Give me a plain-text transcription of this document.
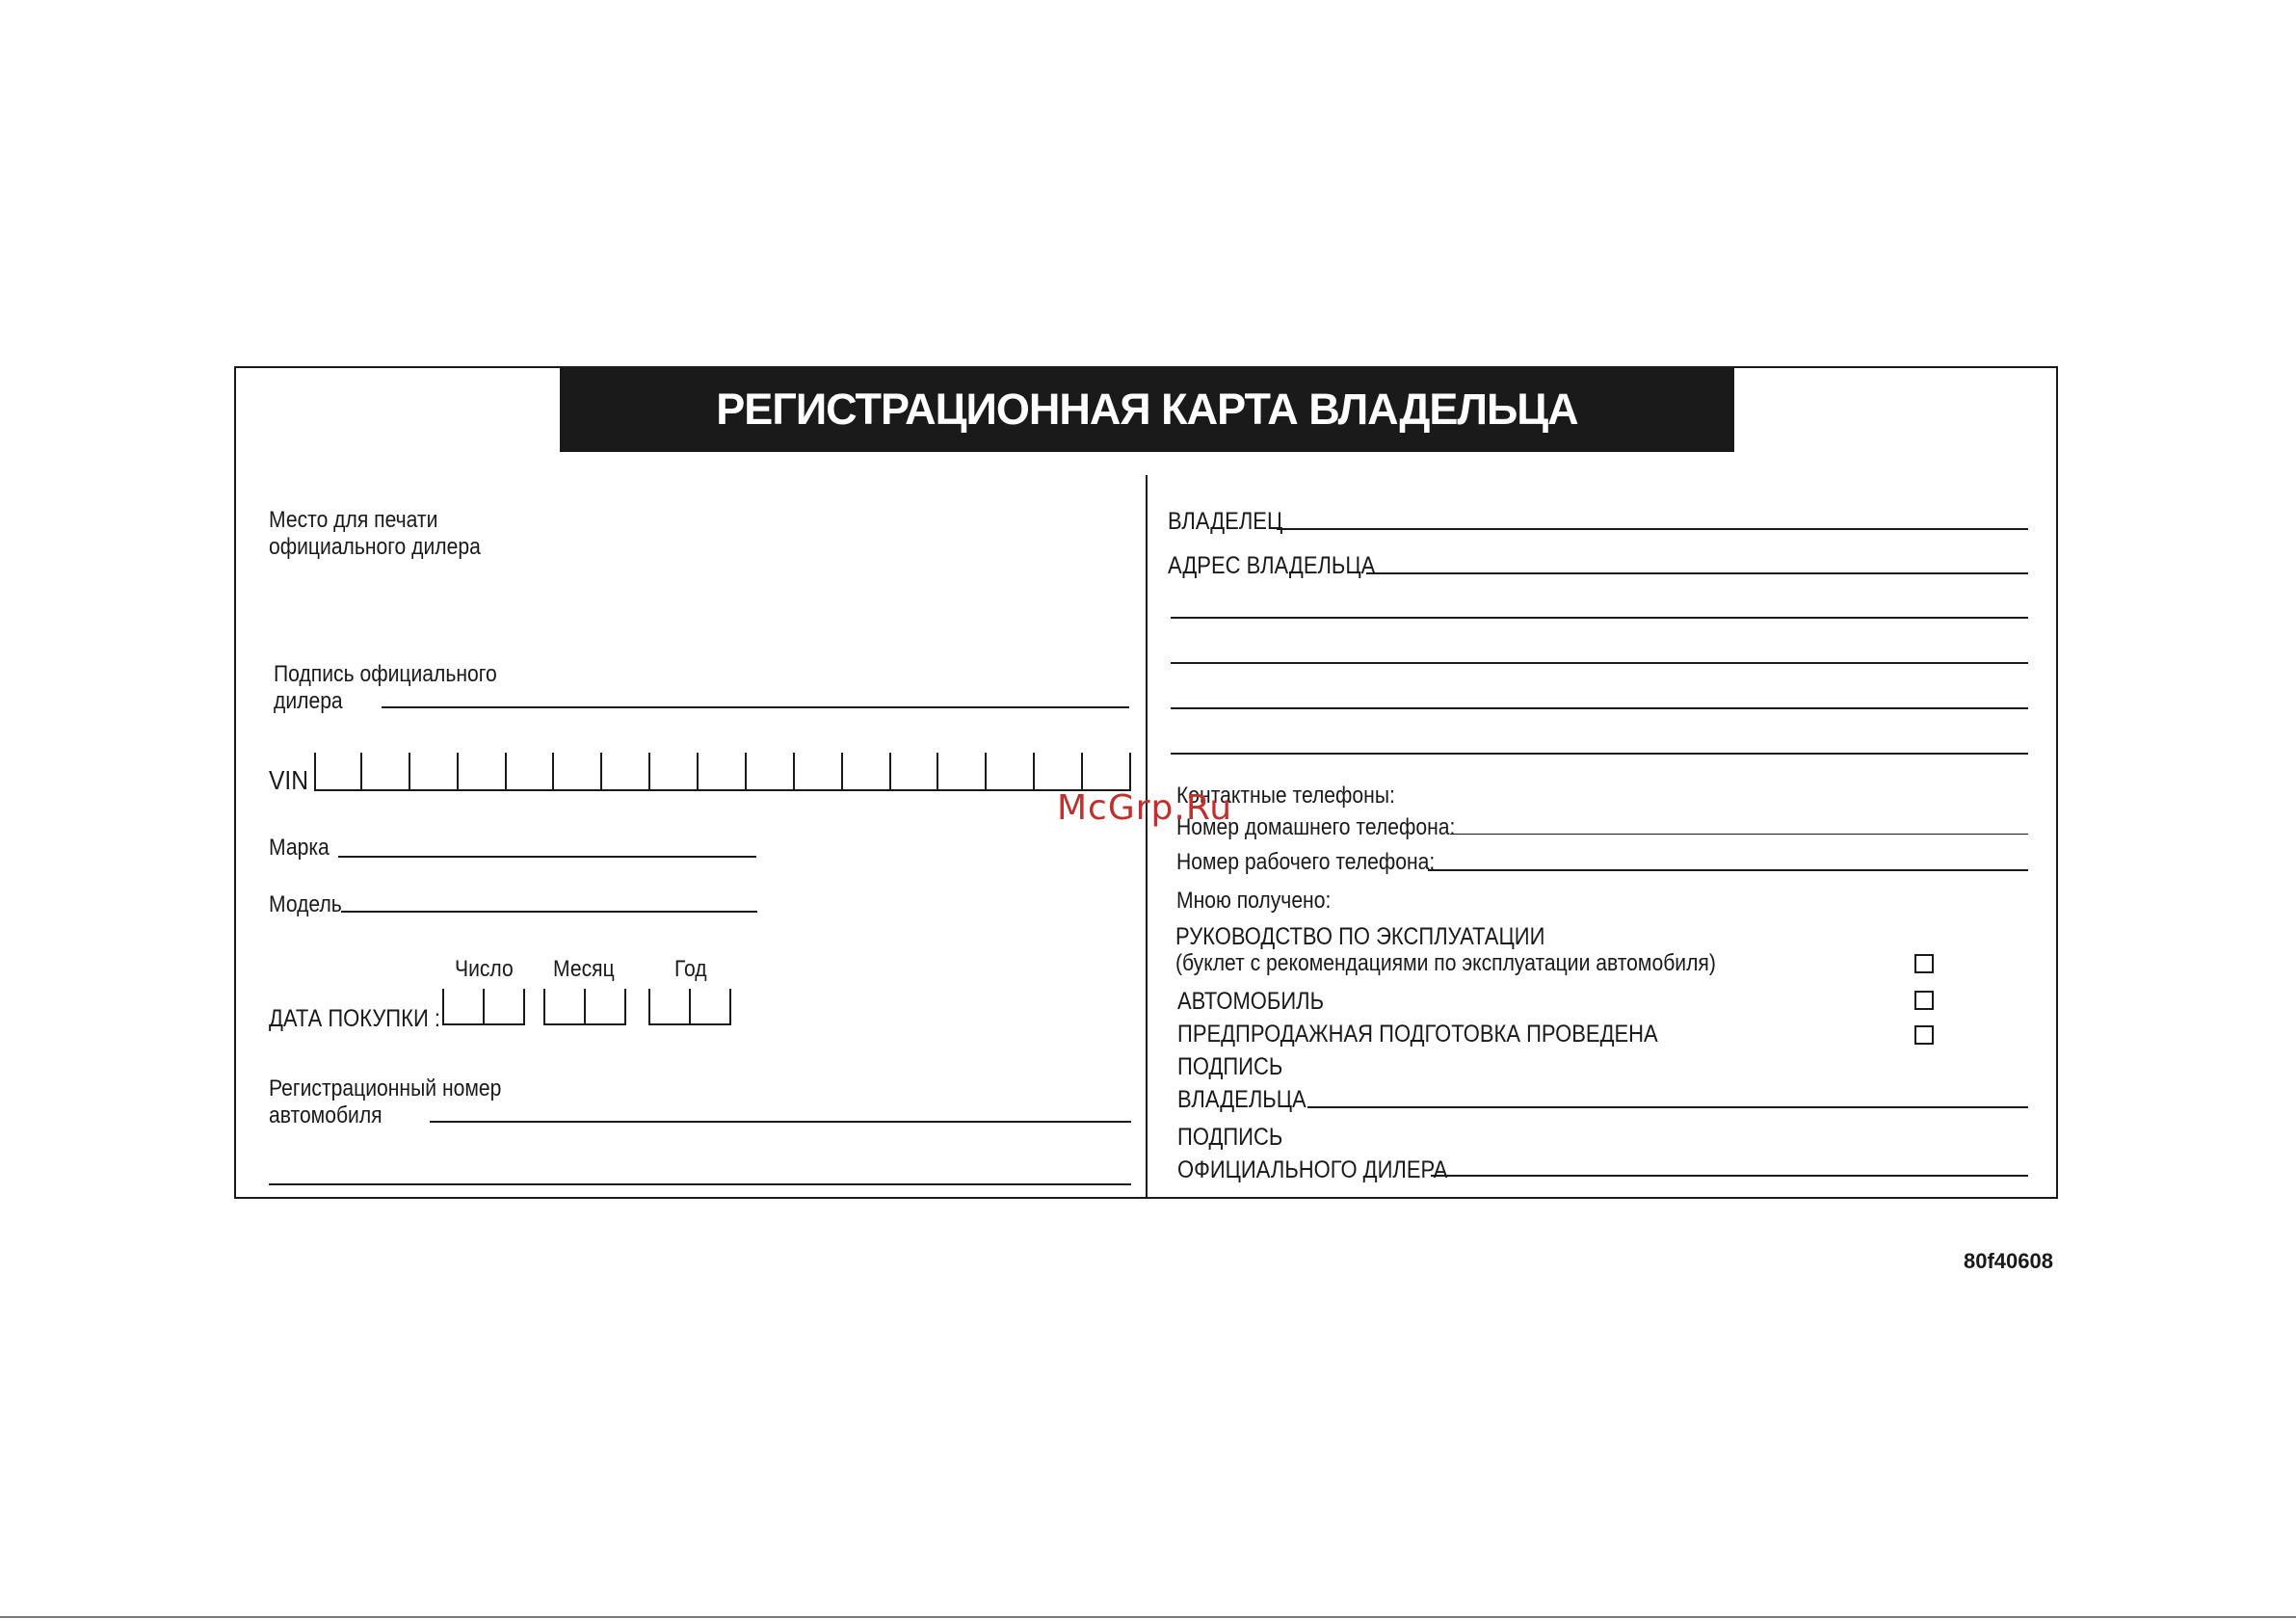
РЕГИСТРАЦИОННАЯ КАРТА ВЛАДЕЛЬЦА
Место для печати
официального дилера
Подпись официального
дилера
VIN
Марка
Модель
Число Месяц	Год
ДАТА ПОКУПКИ :
Регистрационный номер
автомобиля
ВЛАДЕЛЕЦ
АДРЕС ВЛАДЕЛЬЦА
Контактные телефоны:
Номер домашнего телефона:
Номер рабочего телефона:
Мною получено:
РУКОВОДСТВО ПО ЭКСПЛУАТАЦИИ
(буклет с рекомендациями по эксплуатации автомобиля)
АВТОМОБИЛЬ
ПРЕДПРОДАЖНАЯ ПОДГОТОВКА ПРОВЕДЕНА
ПОДПИСЬ
ВЛАДЕЛЬЦА
ПОДПИСЬ
ОФИЦИАЛЬНОГО ДИЛЕРА
McGrp.Ru
80f40608
